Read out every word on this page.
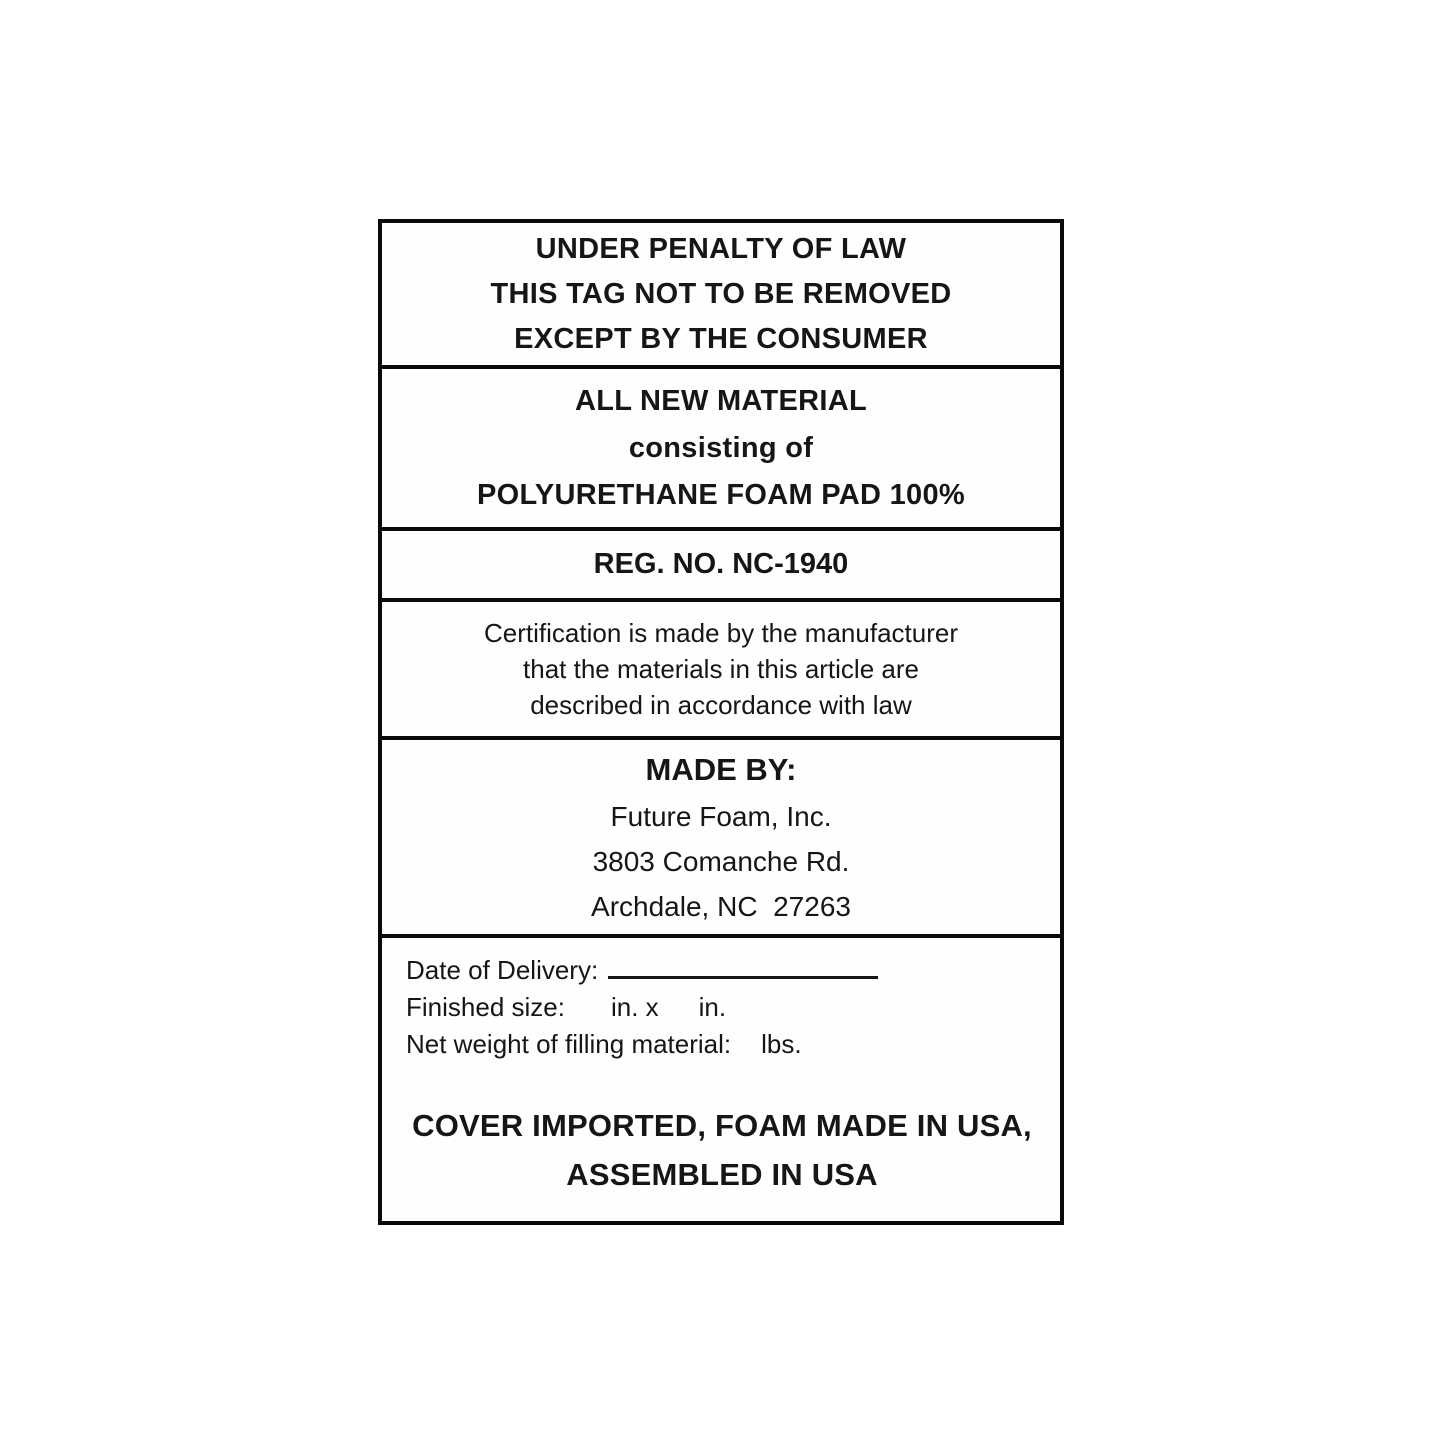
UNDER PENALTY OF LAW
THIS TAG NOT TO BE REMOVED
EXCEPT BY THE CONSUMER
ALL NEW MATERIAL
consisting of
POLYURETHANE FOAM PAD 100%
REG. NO. NC-1940
Certification is made by the manufacturer
that the materials in this article are
described in accordance with law
MADE BY:
Future Foam, Inc.
3803 Comanche Rd.
Archdale, NC  27263
Date of Delivery:
Finished size: in. x in.
Net weight of filling material: lbs.
COVER IMPORTED, FOAM MADE IN USA,
ASSEMBLED IN USA
